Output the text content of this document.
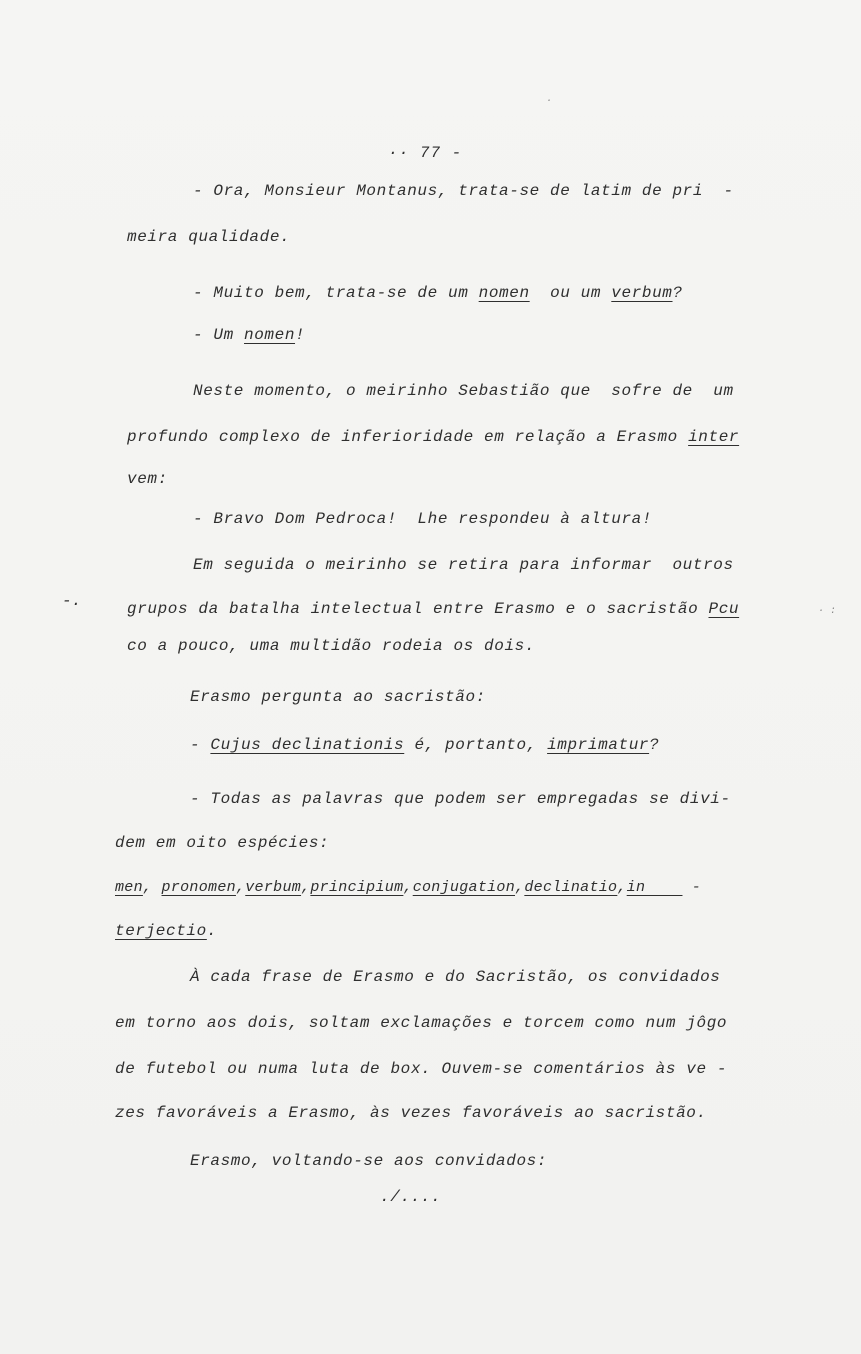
·· 77 -
- Ora, Monsieur Montanus, trata-se de latim de pri  -
meira qualidade.
- Muito bem, trata-se de um nomen  ou um verbum?
- Um nomen!
Neste momento, o meirinho Sebastião que  sofre de  um
profundo complexo de inferioridade em relação a Erasmo inter
vem:
- Bravo Dom Pedroca!  Lhe respondeu à altura!
Em seguida o meirinho se retira para informar  outros
-.	grupos da batalha intelectual entre Erasmo e o sacristão Pcu
co a pouco, uma multidão rodeia os dois.
Erasmo pergunta ao sacristão:
- Cujus declinationis é, portanto, imprimatur?
- Todas as palavras que podem ser empregadas se divi-
dem em oito espécies:
men, pronomen,verbum,principium,conjugation,declinatio,in     -
terjectio.
À cada frase de Erasmo e do Sacristão, os convidados
em torno aos dois, soltam exclamações e torcem como num jôgo
de futebol ou numa luta de box. Ouvem-se comentários às ve -
zes favoráveis a Erasmo, às vezes favoráveis ao sacristão.
Erasmo, voltando-se aos convidados:
./....
·
· :
